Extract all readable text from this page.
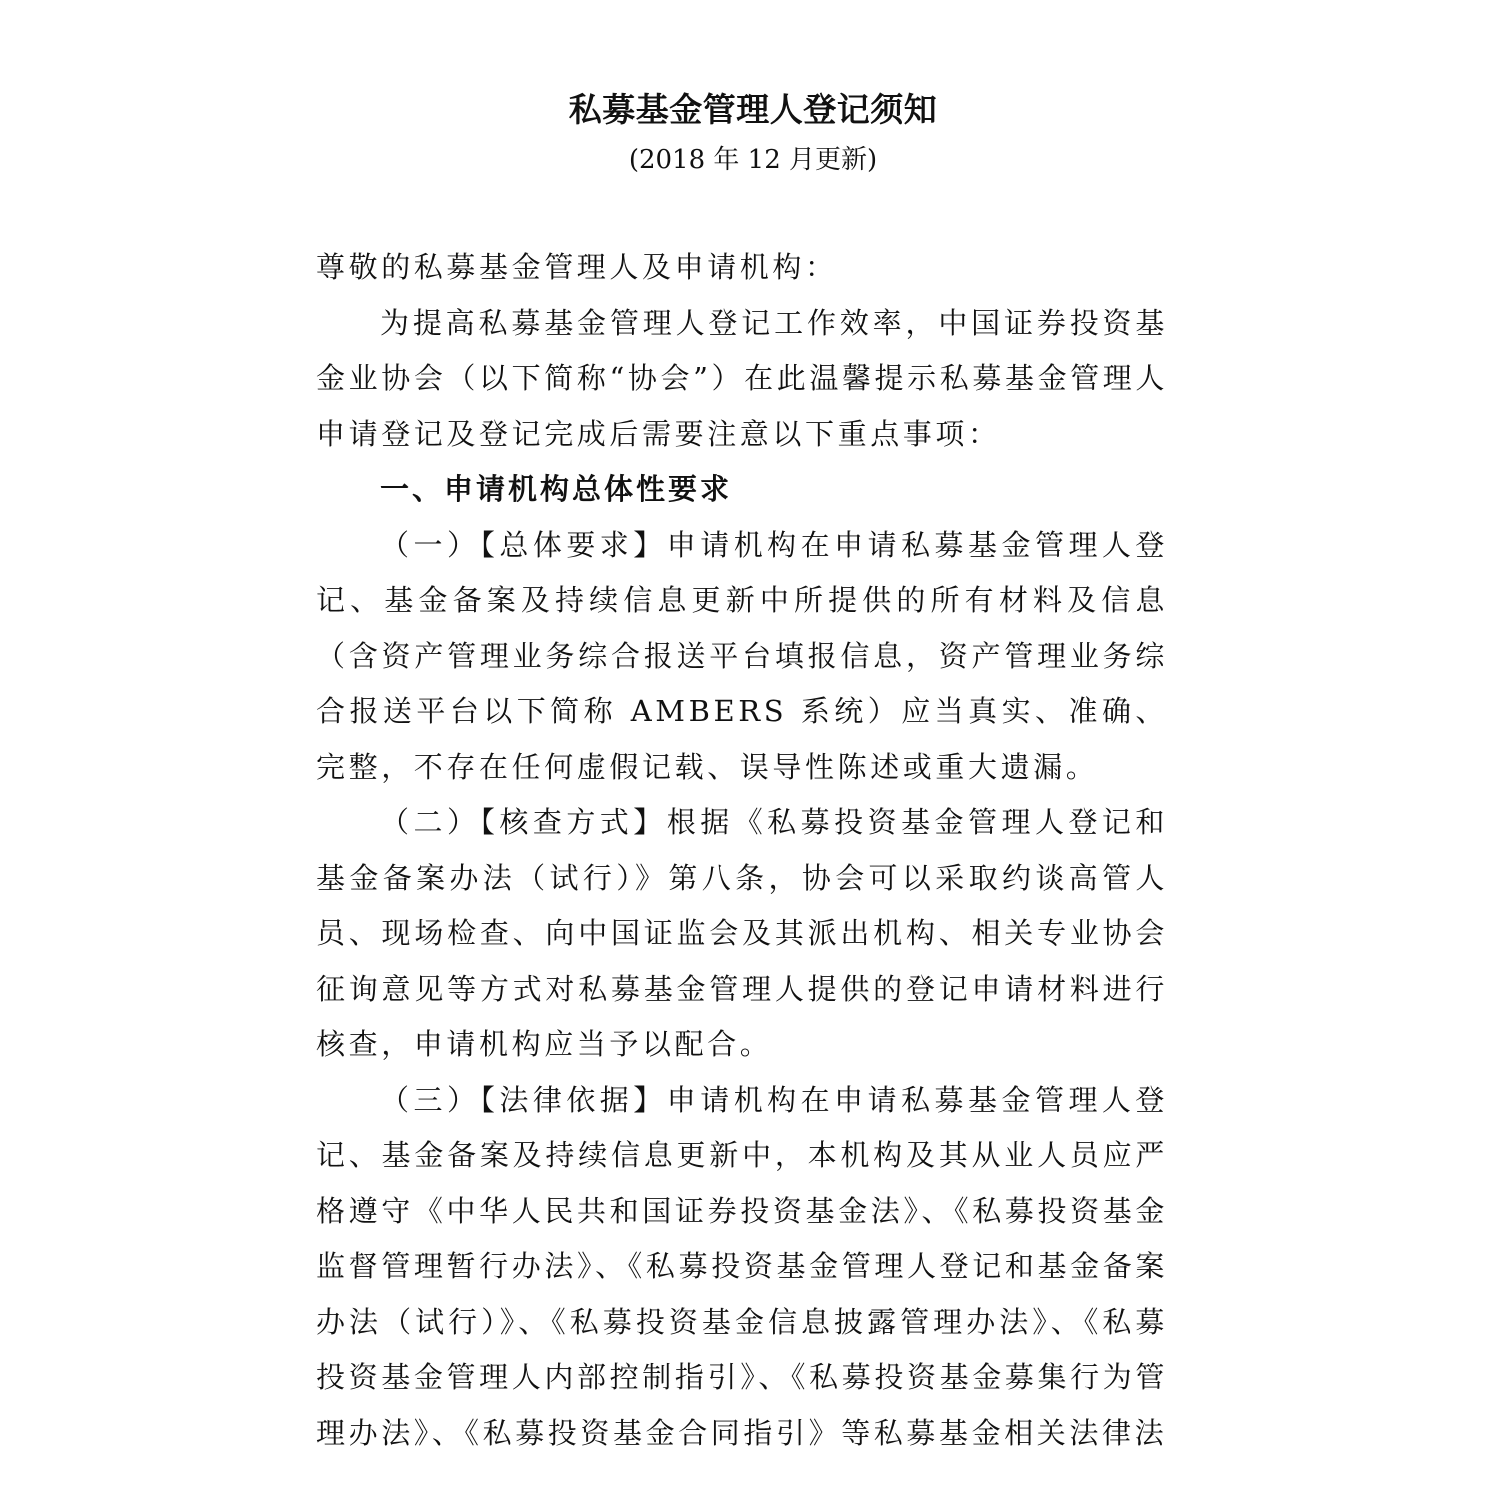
私募基金管理人登记须知
(2018 年 12 月更新)

尊敬的私募基金管理人及申请机构：

为提高私募基金管理人登记工作效率，中国证券投资基金业协会（以下简称“协会”）在此温馨提示私募基金管理人申请登记及登记完成后需要注意以下重点事项：

一、申请机构总体性要求

（一）【总体要求】申请机构在申请私募基金管理人登记、基金备案及持续信息更新中所提供的所有材料及信息（含资产管理业务综合报送平台填报信息，资产管理业务综合报送平台以下简称 AMBERS 系统）应当真实、准确、完整，不存在任何虚假记载、误导性陈述或重大遗漏。

（二）【核查方式】根据《私募投资基金管理人登记和基金备案办法（试行）》第八条，协会可以采取约谈高管人员、现场检查、向中国证监会及其派出机构、相关专业协会征询意见等方式对私募基金管理人提供的登记申请材料进行核查，申请机构应当予以配合。

（三）【法律依据】申请机构在申请私募基金管理人登记、基金备案及持续信息更新中，本机构及其从业人员应严格遵守《中华人民共和国证券投资基金法》、《私募投资基金监督管理暂行办法》、《私募投资基金管理人登记和基金备案办法（试行）》、《私募投资基金信息披露管理办法》、《私募投资基金管理人内部控制指引》、《私募投资基金募集行为管理办法》、《私募投资基金合同指引》等私募基金相关法律法
